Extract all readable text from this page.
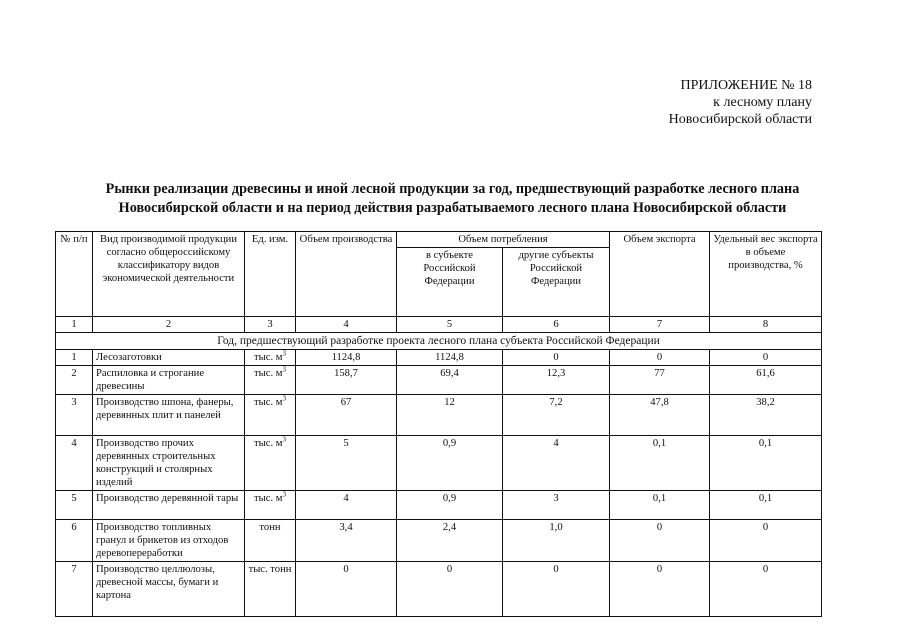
ПРИЛОЖЕНИЕ № 18
к лесному плану
Новосибирской области
Рынки реализации древесины и иной лесной продукции за год, предшествующий разработке лесного плана
Новосибирской области и на период действия разрабатываемого лесного плана Новосибирской области
№ п/п	Вид производимой продукции согласно общероссийскому классификатору видов экономической деятельности	Ед. изм.	Объем производства	Объем потребления		Объем экспорта	Удельный вес экспорта в объеме производства, %
				в субъекте Российской Федерации	другие субъекты Российской Федерации		
1	2	3	4	5	6	7	8
Год, предшествующий разработке проекта лесного плана субъекта Российской Федерации							
1	Лесозаготовки	тыс. $м^3$	1124,8	1124,8	0	0	0
2	Распиловка и строгание древесины	тыс. $м^3$	158,7	69,4	12,3	77	61,6
3	Производство шпона, фанеры, деревянных плит и панелей	тыс. $м^3$	67	12	7,2	47,8	38,2
4	Производство прочих деревянных строительных конструкций и столярных изделий	тыс. $м^3$	5	0,9	4	0,1	0,1
5	Производство деревянной тары	тыс. $м^3$	4	0,9	3	0,1	0,1
6	Производство топливных гранул и брикетов из отходов деревопереработки	тонн	3,4	2,4	1,0	0	0
7	Производство целлюлозы, древесной массы, бумаги и картона	тыс. тонн	0	0	0	0	0
